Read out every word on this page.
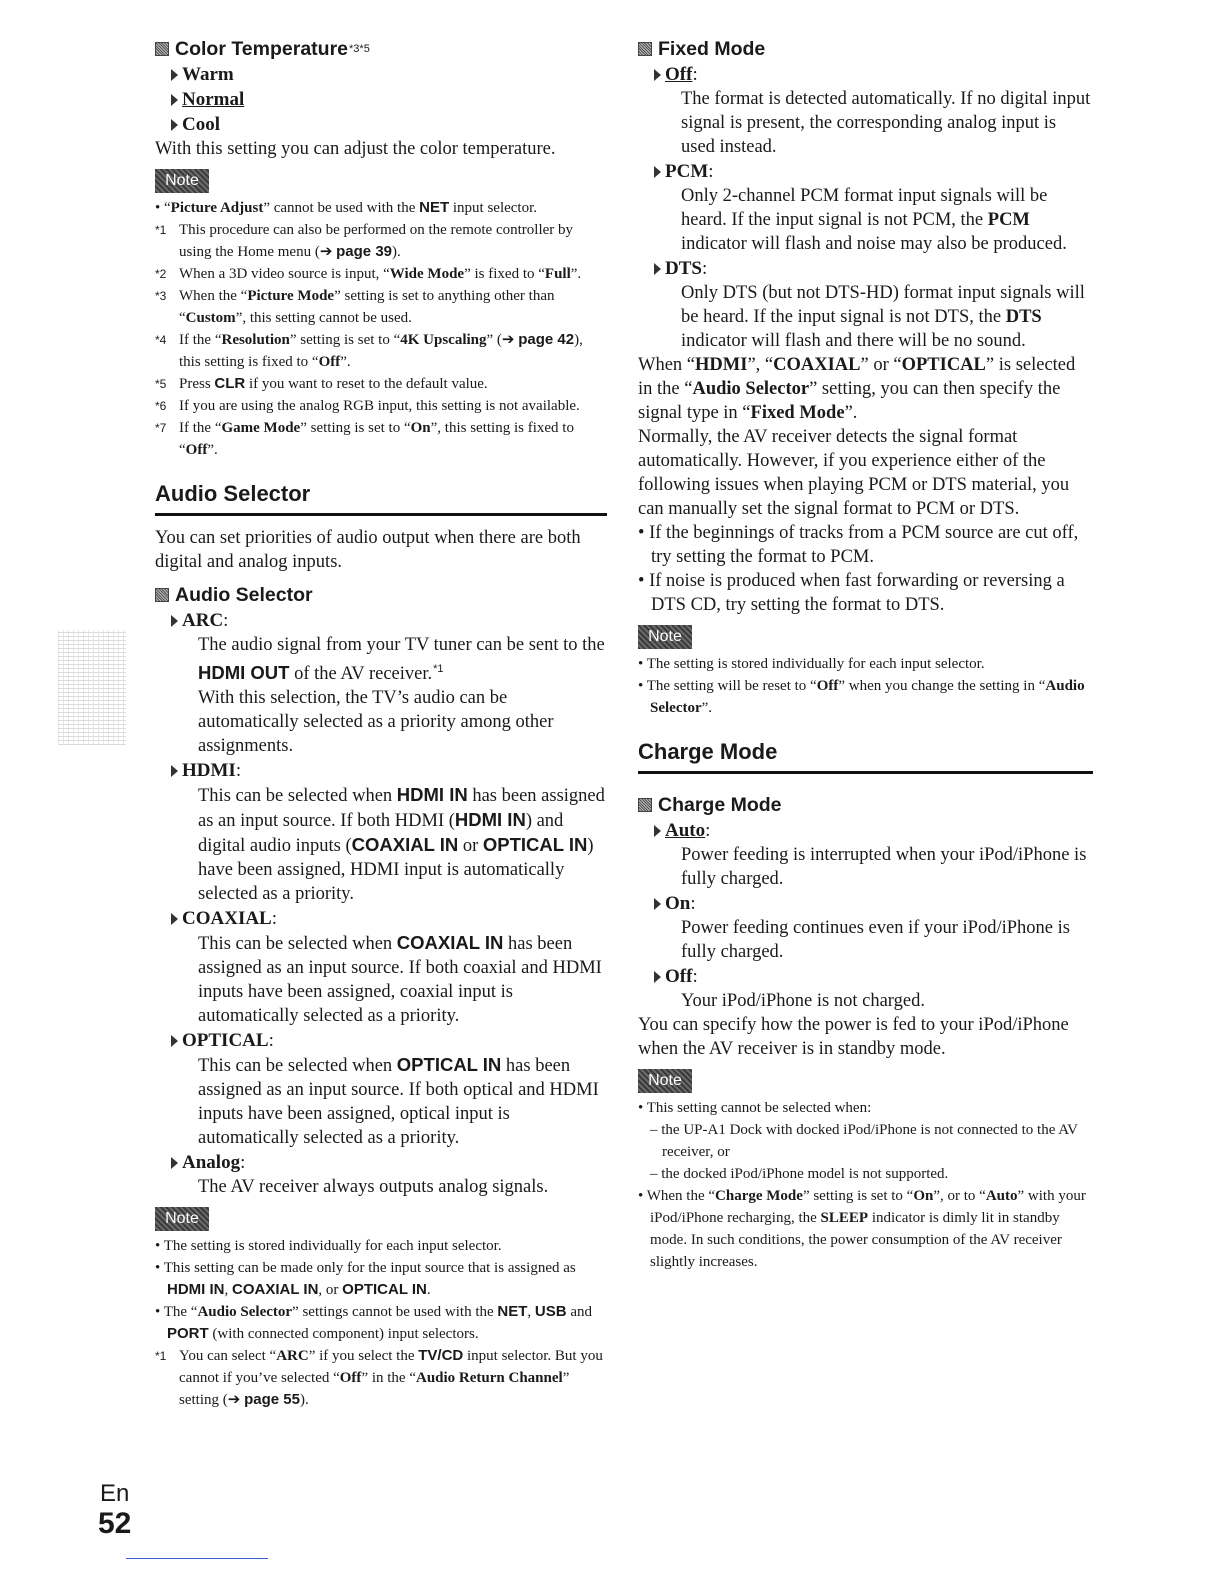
Color Temperature *3*5
Warm
Normal
Cool
With this setting you can adjust the color temperature.
Note
• “Picture Adjust” cannot be used with the NET input selector.
*1 This procedure can also be performed on the remote controller by using the Home menu (➔ page 39).
*2 When a 3D video source is input, “Wide Mode” is fixed to “Full”.
*3 When the “Picture Mode” setting is set to anything other than “Custom”, this setting cannot be used.
*4 If the “Resolution” setting is set to “4K Upscaling” (➔ page 42), this setting is fixed to “Off”.
*5 Press CLR if you want to reset to the default value.
*6 If you are using the analog RGB input, this setting is not available.
*7 If the “Game Mode” setting is set to “On”, this setting is fixed to “Off”.
Audio Selector
You can set priorities of audio output when there are both digital and analog inputs.
Audio Selector
ARC :
The audio signal from your TV tuner can be sent to the HDMI OUT of the AV receiver.$^{*1}$
With this selection, the TV’s audio can be automatically selected as a priority among other assignments.
HDMI :
This can be selected when HDMI IN has been assigned as an input source. If both HDMI (HDMI IN) and digital audio inputs (COAXIAL IN or OPTICAL IN) have been assigned, HDMI input is automatically selected as a priority.
COAXIAL :
This can be selected when COAXIAL IN has been assigned as an input source. If both coaxial and HDMI inputs have been assigned, coaxial input is automatically selected as a priority.
OPTICAL :
This can be selected when OPTICAL IN has been assigned as an input source. If both optical and HDMI inputs have been assigned, optical input is automatically selected as a priority.
Analog :
The AV receiver always outputs analog signals.
Note
• The setting is stored individually for each input selector.
• This setting can be made only for the input source that is assigned as HDMI IN, COAXIAL IN, or OPTICAL IN.
• The “Audio Selector” settings cannot be used with the NET, USB and PORT (with connected component) input selectors.
*1 You can select “ARC” if you select the TV/CD input selector. But you cannot if you’ve selected “Off” in the “Audio Return Channel” setting (➔ page 55).
Fixed Mode
Off :
The format is detected automatically. If no digital input signal is present, the corresponding analog input is used instead.
PCM :
Only 2-channel PCM format input signals will be heard. If the input signal is not PCM, the PCM indicator will flash and noise may also be produced.
DTS :
Only DTS (but not DTS-HD) format input signals will be heard. If the input signal is not DTS, the DTS indicator will flash and there will be no sound.
When “HDMI”, “COAXIAL” or “OPTICAL” is selected in the “Audio Selector” setting, you can then specify the signal type in “Fixed Mode”.
Normally, the AV receiver detects the signal format automatically. However, if you experience either of the following issues when playing PCM or DTS material, you can manually set the signal format to PCM or DTS.
• If the beginnings of tracks from a PCM source are cut off, try setting the format to PCM.
• If noise is produced when fast forwarding or reversing a DTS CD, try setting the format to DTS.
Note
• The setting is stored individually for each input selector.
• The setting will be reset to “Off” when you change the setting in “Audio Selector”.
Charge Mode
Charge Mode
Auto :
Power feeding is interrupted when your iPod/iPhone is fully charged.
On :
Power feeding continues even if your iPod/iPhone is fully charged.
Off :
Your iPod/iPhone is not charged.
You can specify how the power is fed to your iPod/iPhone when the AV receiver is in standby mode.
Note
• This setting cannot be selected when:
– the UP-A1 Dock with docked iPod/iPhone is not connected to the AV receiver, or
– the docked iPod/iPhone model is not supported.
• When the “Charge Mode” setting is set to “On”, or to “Auto” with your iPod/iPhone recharging, the SLEEP indicator is dimly lit in standby mode. In such conditions, the power consumption of the AV receiver slightly increases.
En
52
